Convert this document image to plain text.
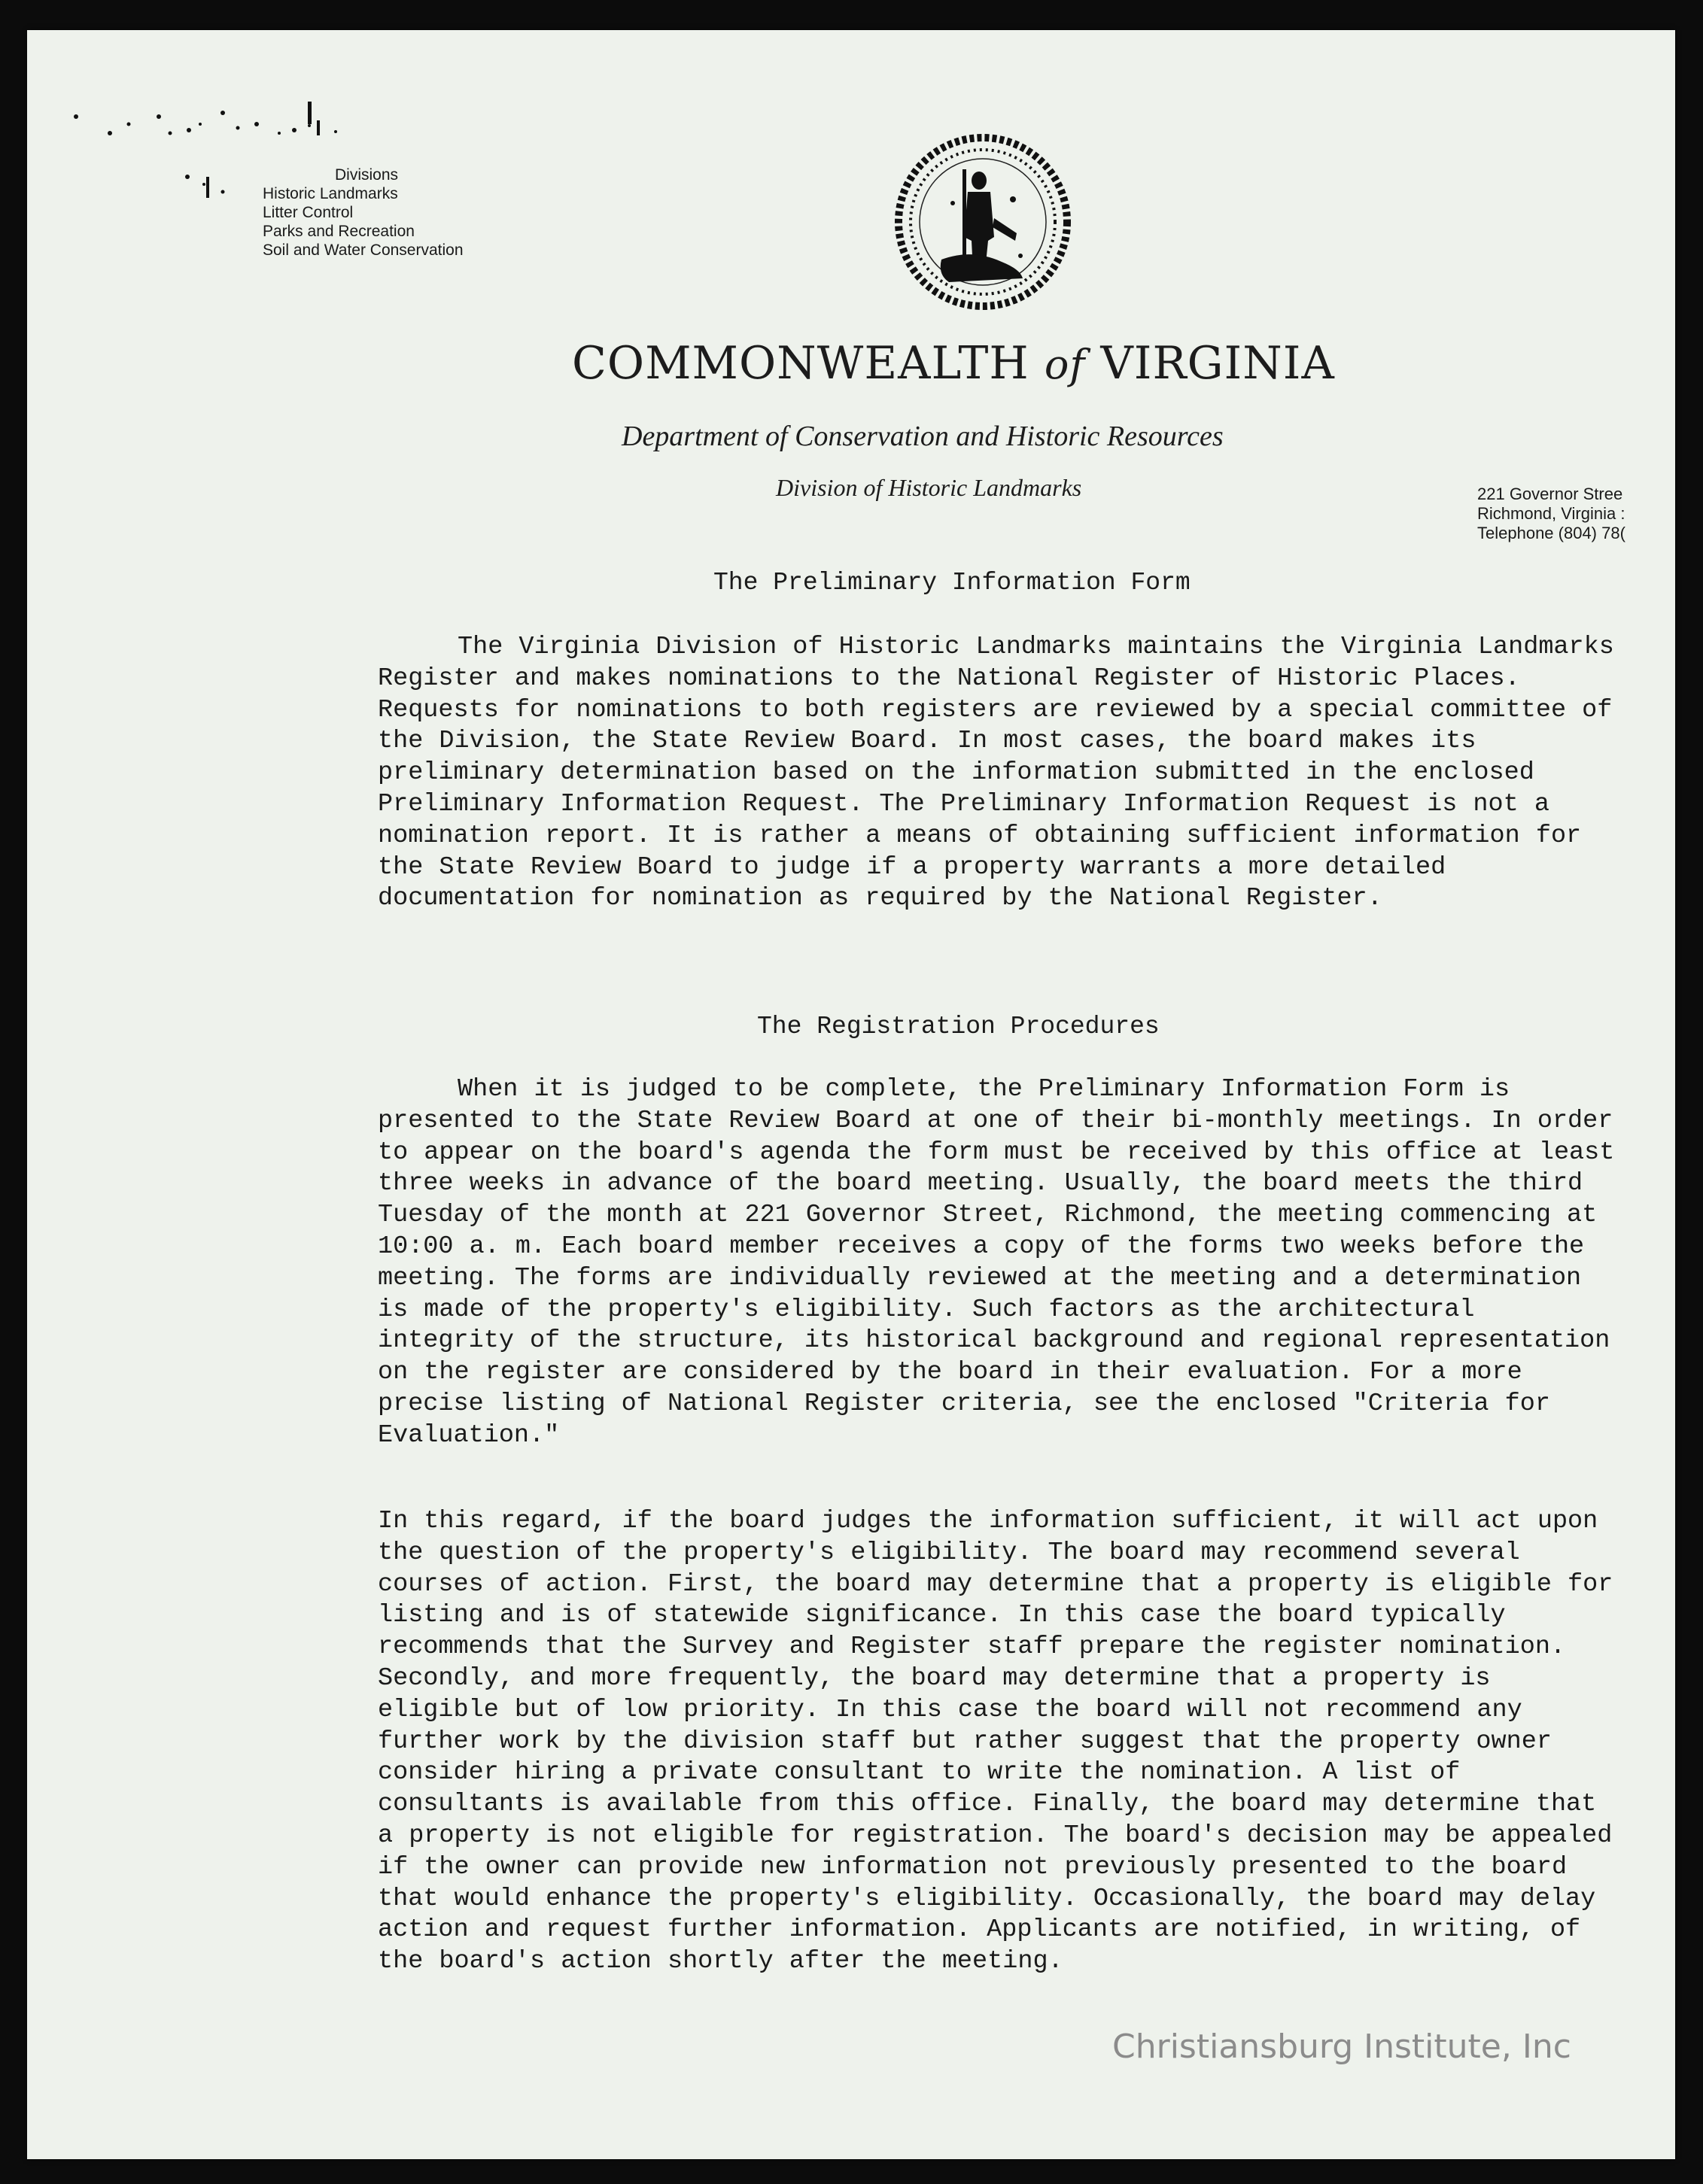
Divisions
Historic Landmarks
Litter Control
Parks and Recreation
Soil and Water Conservation
COMMONWEALTH of VIRGINIA
Department of Conservation and Historic Resources
Division of Historic Landmarks	221 Governor Stree
Richmond, Virginia :
Telephone (804) 78(
The Preliminary Information Form
The Virginia Division of Historic Landmarks maintains the Virginia Landmarks Register and makes nominations to the National Register of Historic Places. Requests for nominations to both registers are reviewed by a special committee of the Division, the State Review Board. In most cases, the board makes its preliminary determination based on the information submitted in the enclosed Preliminary Information Request. The Preliminary Information Request is not a nomination report. It is rather a means of obtaining sufficient information for the State Review Board to judge if a property warrants a more detailed documentation for nomination as required by the National Register.
The Registration Procedures
When it is judged to be complete, the Preliminary Information Form is presented to the State Review Board at one of their bi-monthly meetings. In order to appear on the board's agenda the form must be received by this office at least three weeks in advance of the board meeting. Usually, the board meets the third Tuesday of the month at 221 Governor Street, Richmond, the meeting commencing at 10:00 a. m. Each board member receives a copy of the forms two weeks before the meeting. The forms are individually reviewed at the meeting and a determination is made of the property's eligibility. Such factors as the architectural integrity of the structure, its historical background and regional representation on the register are considered by the board in their evaluation. For a more precise listing of National Register criteria, see the enclosed "Criteria for Evaluation."
In this regard, if the board judges the information sufficient, it will act upon the question of the property's eligibility. The board may recommend several courses of action. First, the board may determine that a property is eligible for listing and is of statewide significance. In this case the board typically recommends that the Survey and Register staff prepare the register nomination. Secondly, and more frequently, the board may determine that a property is eligible but of low priority. In this case the board will not recommend any further work by the division staff but rather suggest that the property owner consider hiring a private consultant to write the nomination. A list of consultants is available from this office. Finally, the board may determine that a property is not eligible for registration. The board's decision may be appealed if the owner can provide new information not previously presented to the board that would enhance the property's eligibility. Occasionally, the board may delay action and request further information. Applicants are notified, in writing, of the board's action shortly after the meeting.
Christiansburg Institute, Inc
